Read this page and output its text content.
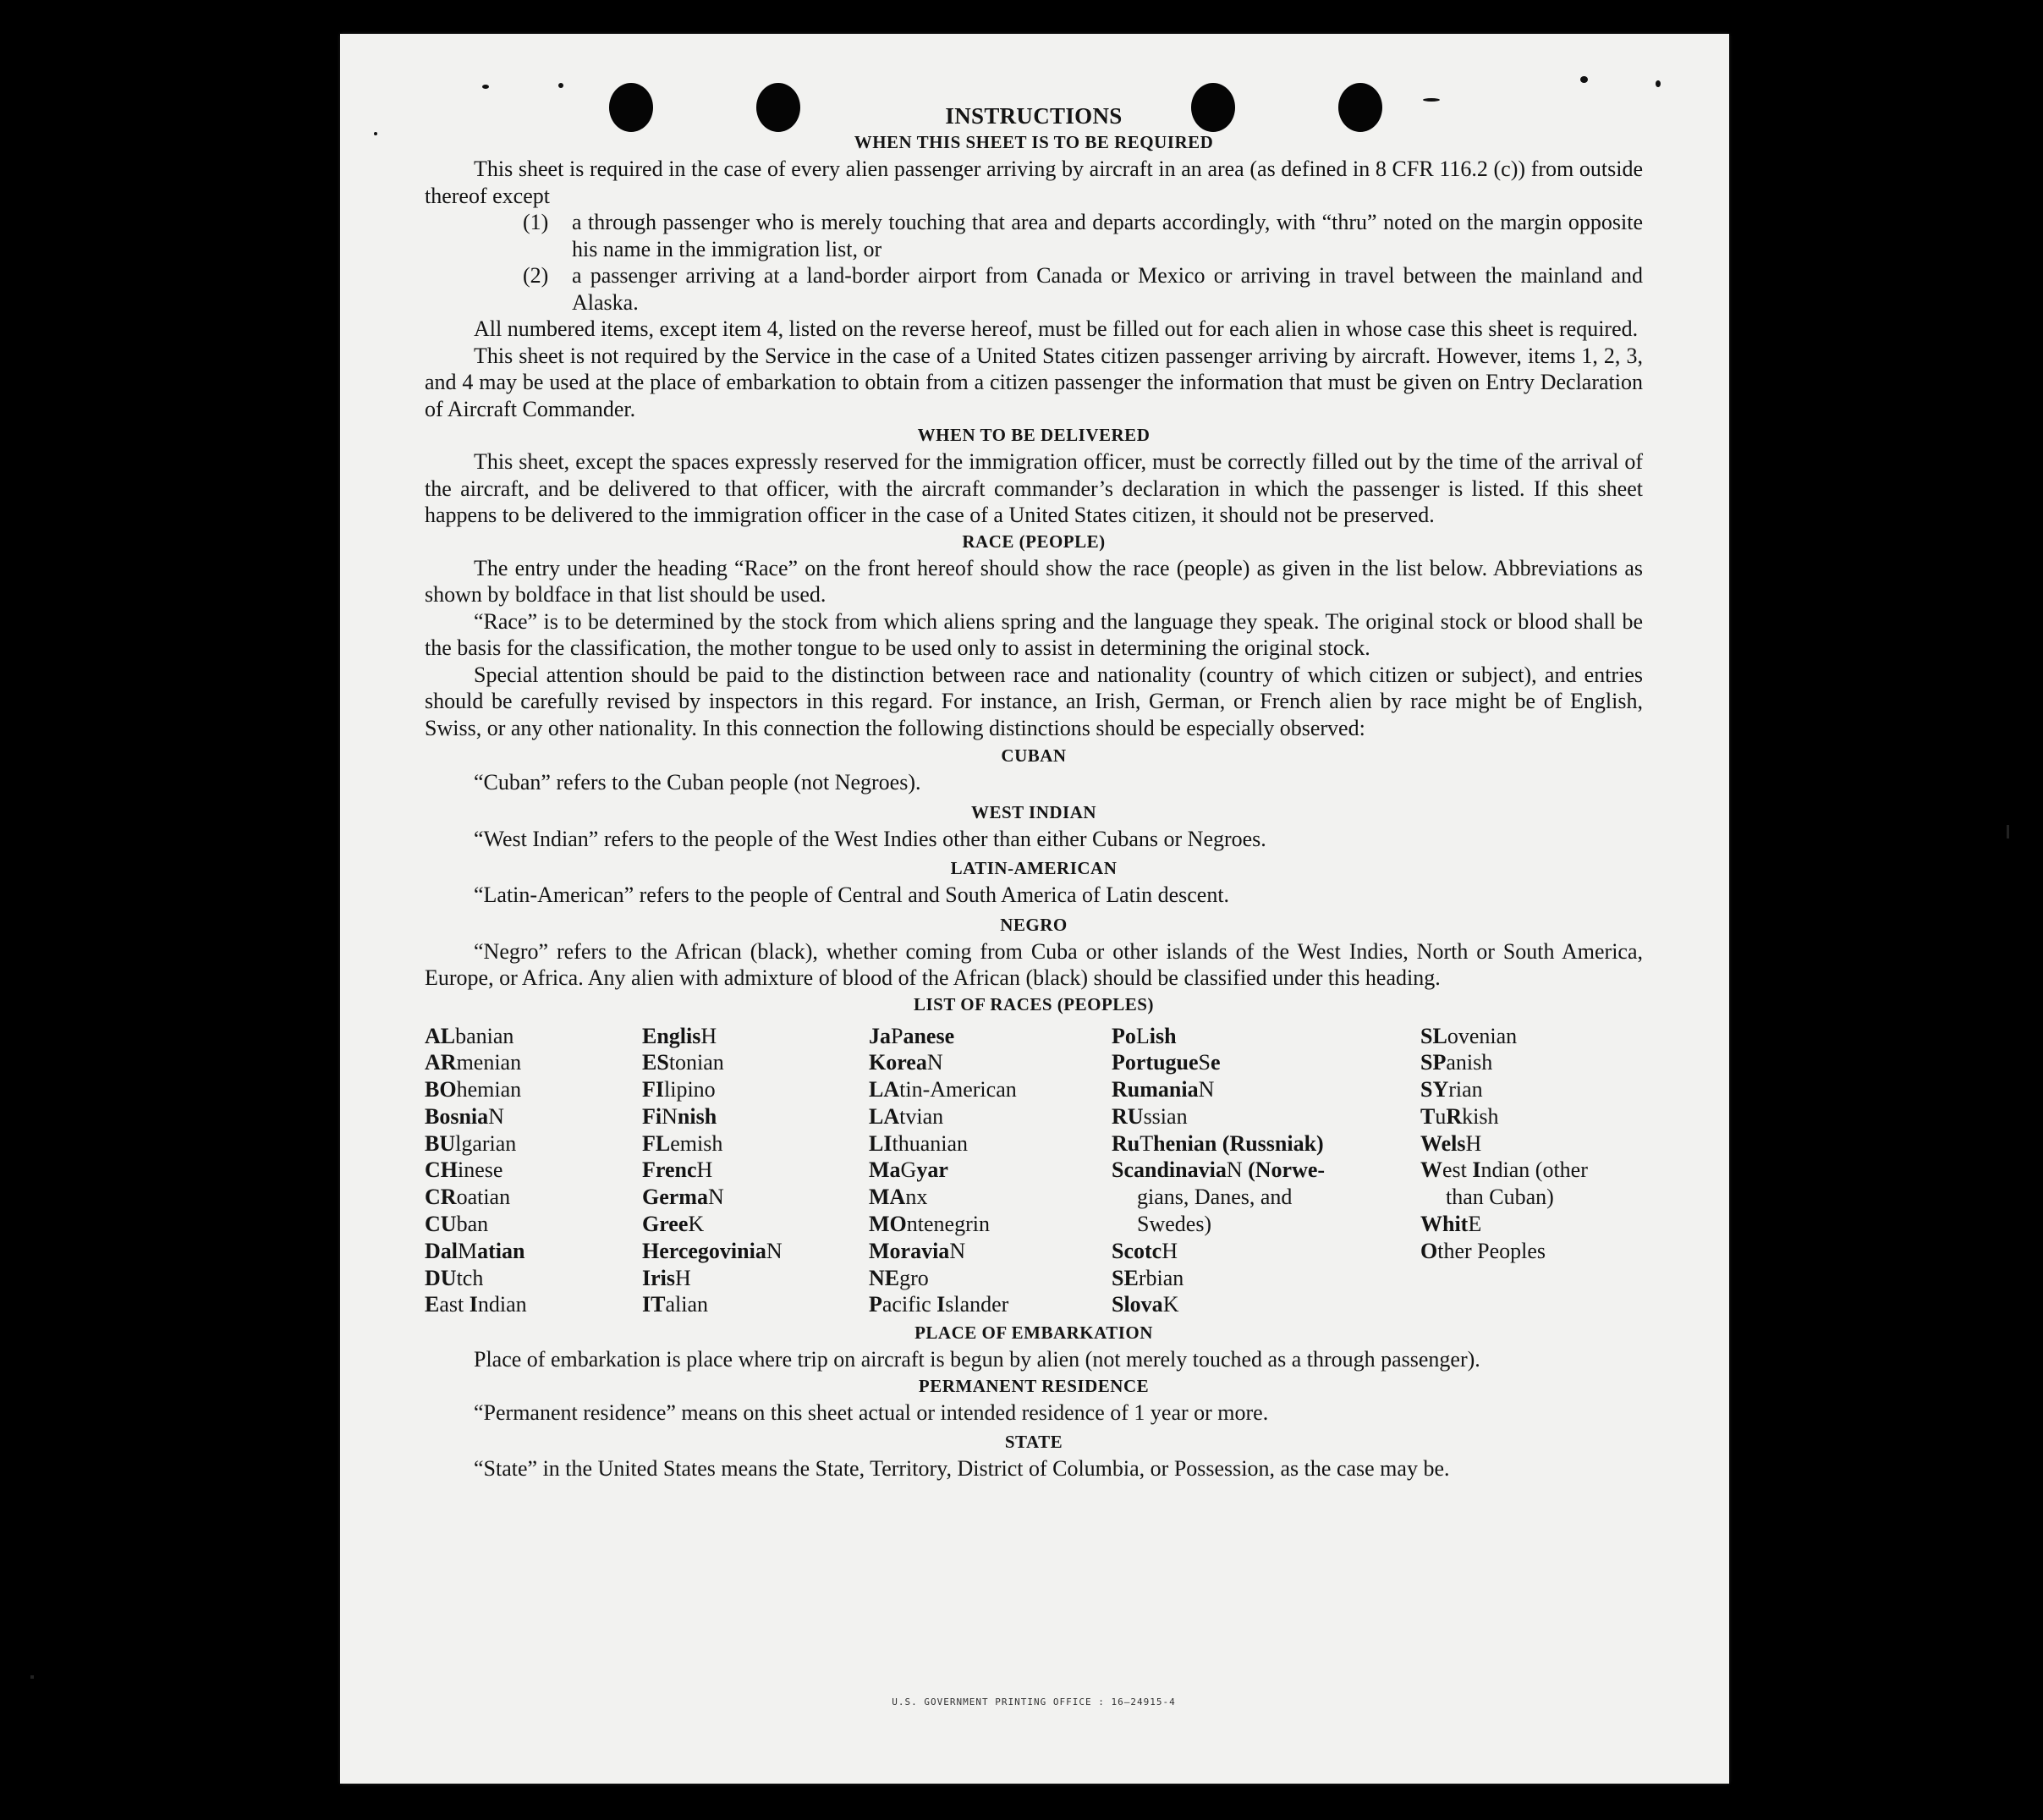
INSTRUCTIONS
WHEN THIS SHEET IS TO BE REQUIRED

This sheet is required in the case of every alien passenger arriving by aircraft in an area (as defined in 8 CFR 116.2 (c)) from outside thereof except

(1) a through passenger who is merely touching that area and departs accordingly, with “thru” noted on the margin opposite his name in the immigration list, or
(2) a passenger arriving at a land-border airport from Canada or Mexico or arriving in travel between the mainland and Alaska.

All numbered items, except item 4, listed on the reverse hereof, must be filled out for each alien in whose case this sheet is required.

This sheet is not required by the Service in the case of a United States citizen passenger arriving by aircraft. However, items 1, 2, 3, and 4 may be used at the place of embarkation to obtain from a citizen passenger the information that must be given on Entry Declaration of Aircraft Commander.

WHEN TO BE DELIVERED

This sheet, except the spaces expressly reserved for the immigration officer, must be correctly filled out by the time of the arrival of the aircraft, and be delivered to that officer, with the aircraft commander’s declaration in which the passenger is listed. If this sheet happens to be delivered to the immigration officer in the case of a United States citizen, it should not be preserved.

RACE (PEOPLE)

The entry under the heading “Race” on the front hereof should show the race (people) as given in the list below. Abbreviations as shown by boldface in that list should be used.

“Race” is to be determined by the stock from which aliens spring and the language they speak. The original stock or blood shall be the basis for the classification, the mother tongue to be used only to assist in determining the original stock.

Special attention should be paid to the distinction between race and nationality (country of which citizen or subject), and entries should be carefully revised by inspectors in this regard. For instance, an Irish, German, or French alien by race might be of English, Swiss, or any other nationality. In this connection the following distinctions should be especially observed:

CUBAN

“Cuban” refers to the Cuban people (not Negroes).

WEST INDIAN

“West Indian” refers to the people of the West Indies other than either Cubans or Negroes.

LATIN-AMERICAN

“Latin-American” refers to the people of Central and South America of Latin descent.

NEGRO

“Negro” refers to the African (black), whether coming from Cuba or other islands of the West Indies, North or South America, Europe, or Africa. Any alien with admixture of blood of the African (black) should be classified under this heading.

LIST OF RACES (PEOPLES)
ALbanian
ARmenian
BOhemian
BosniaN
BUlgarian
CHinese
CRoatian
CUban
DalMatian
DUtch
East Indian
EnglisH
EStonian
FIlipino
FiNnish
FLemish
FrencH
GermaN
GreeK
HercegoviniaN
IrisH
ITalian
JaPanese
KoreaN
LAtin-American
LAtvian
LIthuanian
MaGyar
MAnx
MOntenegrin
MoraviaN
NEgro
Pacific Islander
PoLish
PortugueSe
RumaniaN
RUssian
RuThenian (Russniak)
ScandinaviaN (Norwe-
gians, Danes, and
Swedes)
ScotcH
SErbian
SlovaK
SLovenian
SPanish
SYrian
TuRkish
WelsH
West Indian (other
than Cuban)
WhitE
Other Peoples
PLACE OF EMBARKATION

Place of embarkation is place where trip on aircraft is begun by alien (not merely touched as a through passenger).

PERMANENT RESIDENCE

“Permanent residence” means on this sheet actual or intended residence of 1 year or more.

STATE

“State” in the United States means the State, Territory, District of Columbia, or Possession, as the case may be.

U.S. GOVERNMENT PRINTING OFFICE : 16—24915-4
